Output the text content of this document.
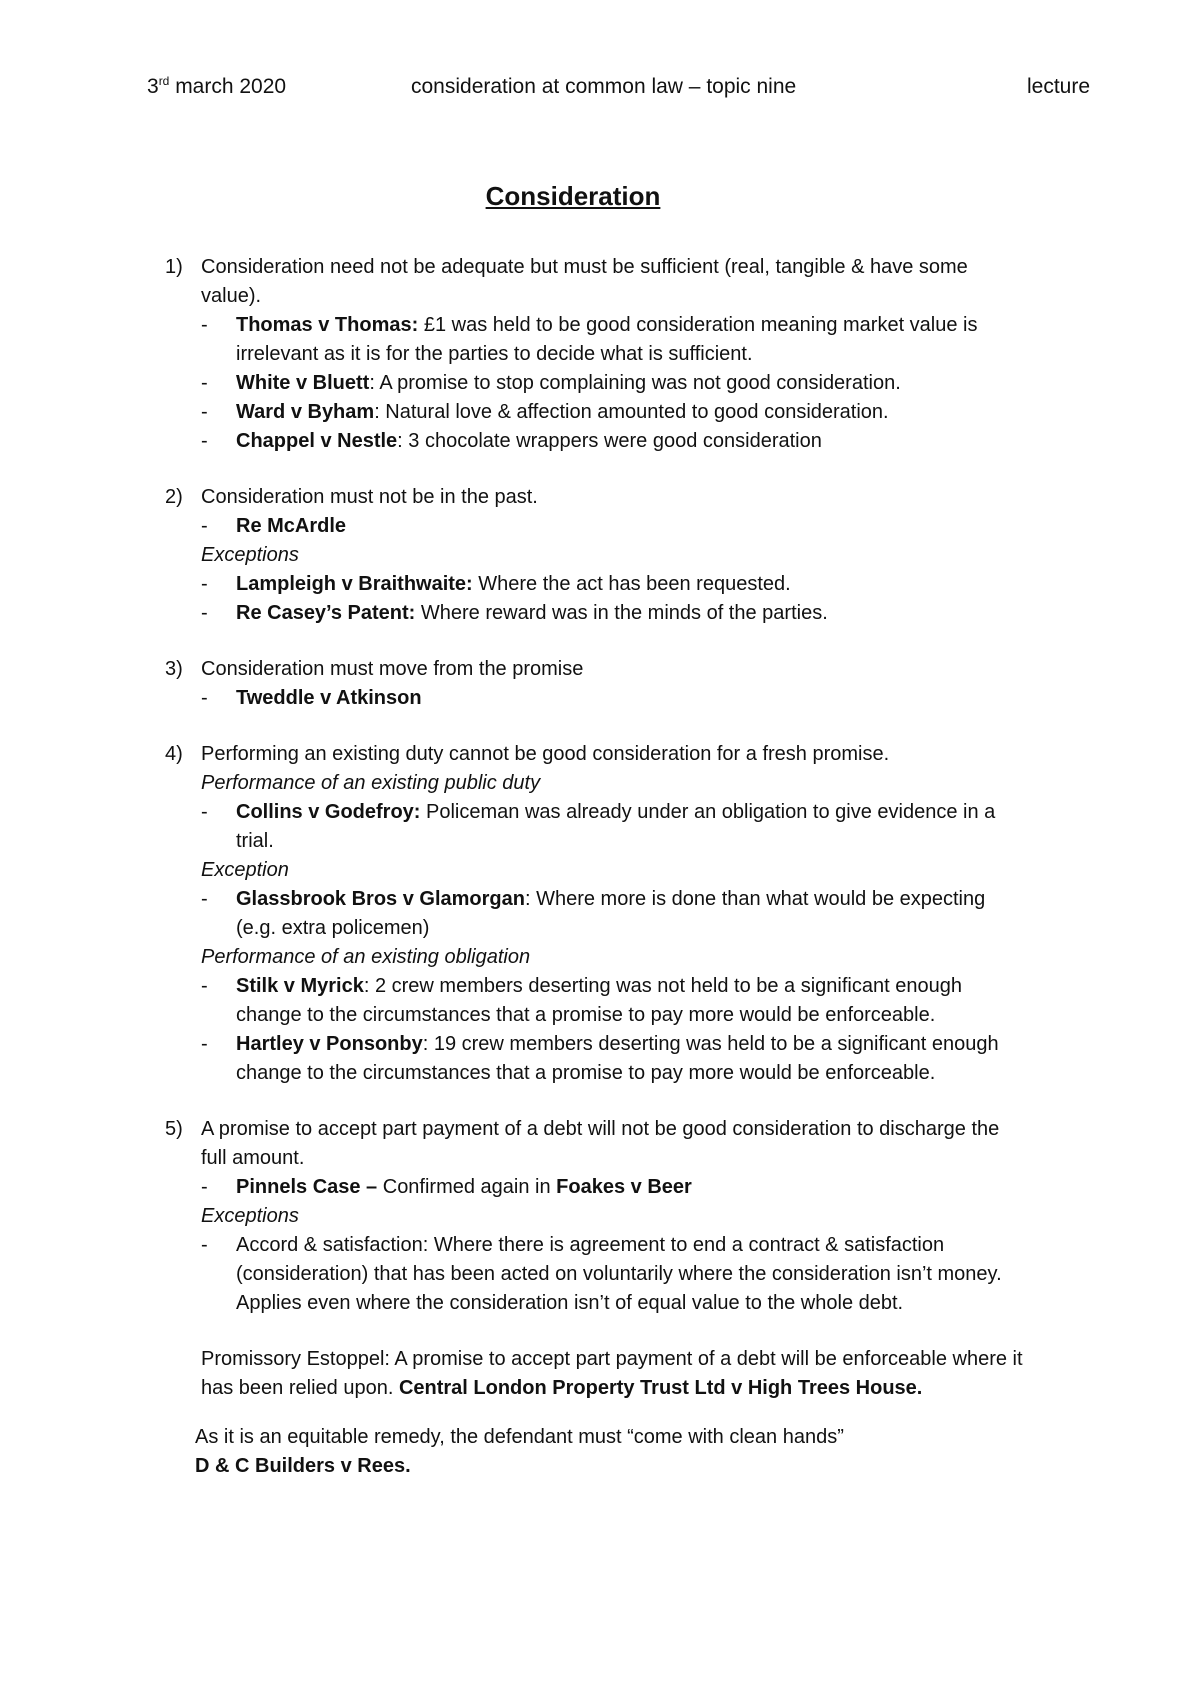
3rd march 2020	consideration at common law – topic nine	lecture
Consideration
1) Consideration need not be adequate but must be sufficient (real, tangible & have some value).

- Thomas v Thomas: £1 was held to be good consideration meaning market value is irrelevant as it is for the parties to decide what is sufficient.

- White v Bluett: A promise to stop complaining was not good consideration.

- Ward v Byham: Natural love & affection amounted to good consideration.

- Chappel v Nestle: 3 chocolate wrappers were good consideration

2) Consideration must not be in the past.

- Re McArdle

Exceptions

- Lampleigh v Braithwaite: Where the act has been requested.

- Re Casey’s Patent: Where reward was in the minds of the parties.

3) Consideration must move from the promise

- Tweddle v Atkinson

4) Performing an existing duty cannot be good consideration for a fresh promise.

Performance of an existing public duty

- Collins v Godefroy: Policeman was already under an obligation to give evidence in a trial.

Exception

- Glassbrook Bros v Glamorgan: Where more is done than what would be expecting (e.g. extra policemen)

Performance of an existing obligation

- Stilk v Myrick: 2 crew members deserting was not held to be a significant enough change to the circumstances that a promise to pay more would be enforceable.

- Hartley v Ponsonby: 19 crew members deserting was held to be a significant enough change to the circumstances that a promise to pay more would be enforceable.

5) A promise to accept part payment of a debt will not be good consideration to discharge the full amount.

- Pinnels Case – Confirmed again in Foakes v Beer

Exceptions

- Accord & satisfaction: Where there is agreement to end a contract & satisfaction (consideration) that has been acted on voluntarily where the consideration isn’t money. Applies even where the consideration isn’t of equal value to the whole debt.

Promissory Estoppel: A promise to accept part payment of a debt will be enforceable where it has been relied upon. Central London Property Trust Ltd v High Trees House.

As it is an equitable remedy, the defendant must “come with clean hands” D & C Builders v Rees.
